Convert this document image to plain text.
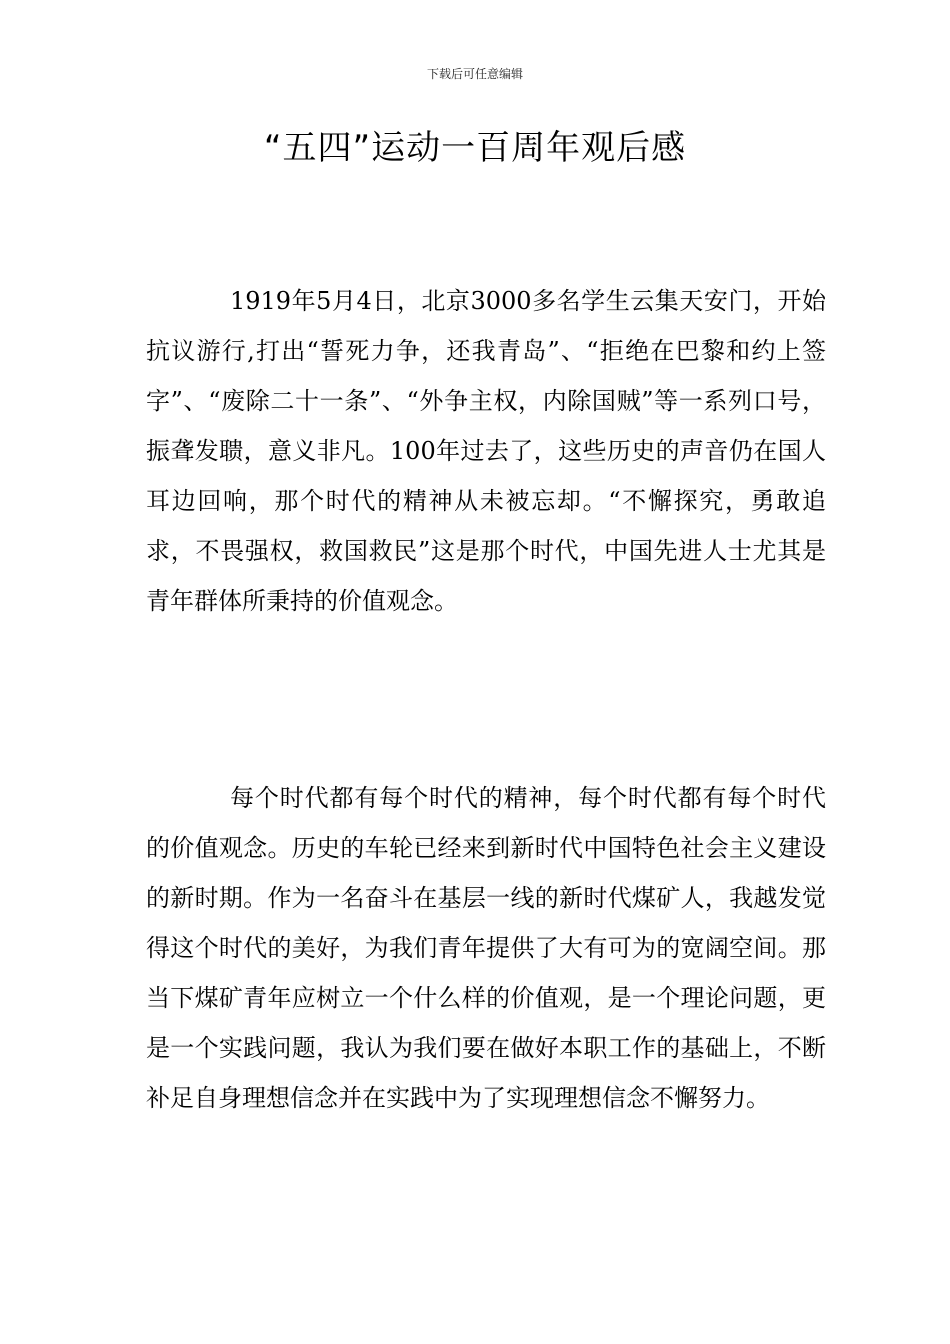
下载后可任意编辑
“五四”运动一百周年观后感

1919年5月4日，北京3000多名学生云集天安门，开始抗议游行,打出“誓死力争，还我青岛”、“拒绝在巴黎和约上签字”、“废除二十一条”、“外争主权，内除国贼”等一系列口号，振聋发聩，意义非凡。100年过去了，这些历史的声音仍在国人耳边回响，那个时代的精神从未被忘却。“不懈探究，勇敢追求，不畏强权，救国救民”这是那个时代，中国先进人士尤其是青年群体所秉持的价值观念。

每个时代都有每个时代的精神，每个时代都有每个时代的价值观念。历史的车轮已经来到新时代中国特色社会主义建设的新时期。作为一名奋斗在基层一线的新时代煤矿人，我越发觉得这个时代的美好，为我们青年提供了大有可为的宽阔空间。那当下煤矿青年应树立一个什么样的价值观，是一个理论问题，更是一个实践问题，我认为我们要在做好本职工作的基础上，不断补足自身理想信念并在实践中为了实现理想信念不懈努力。
